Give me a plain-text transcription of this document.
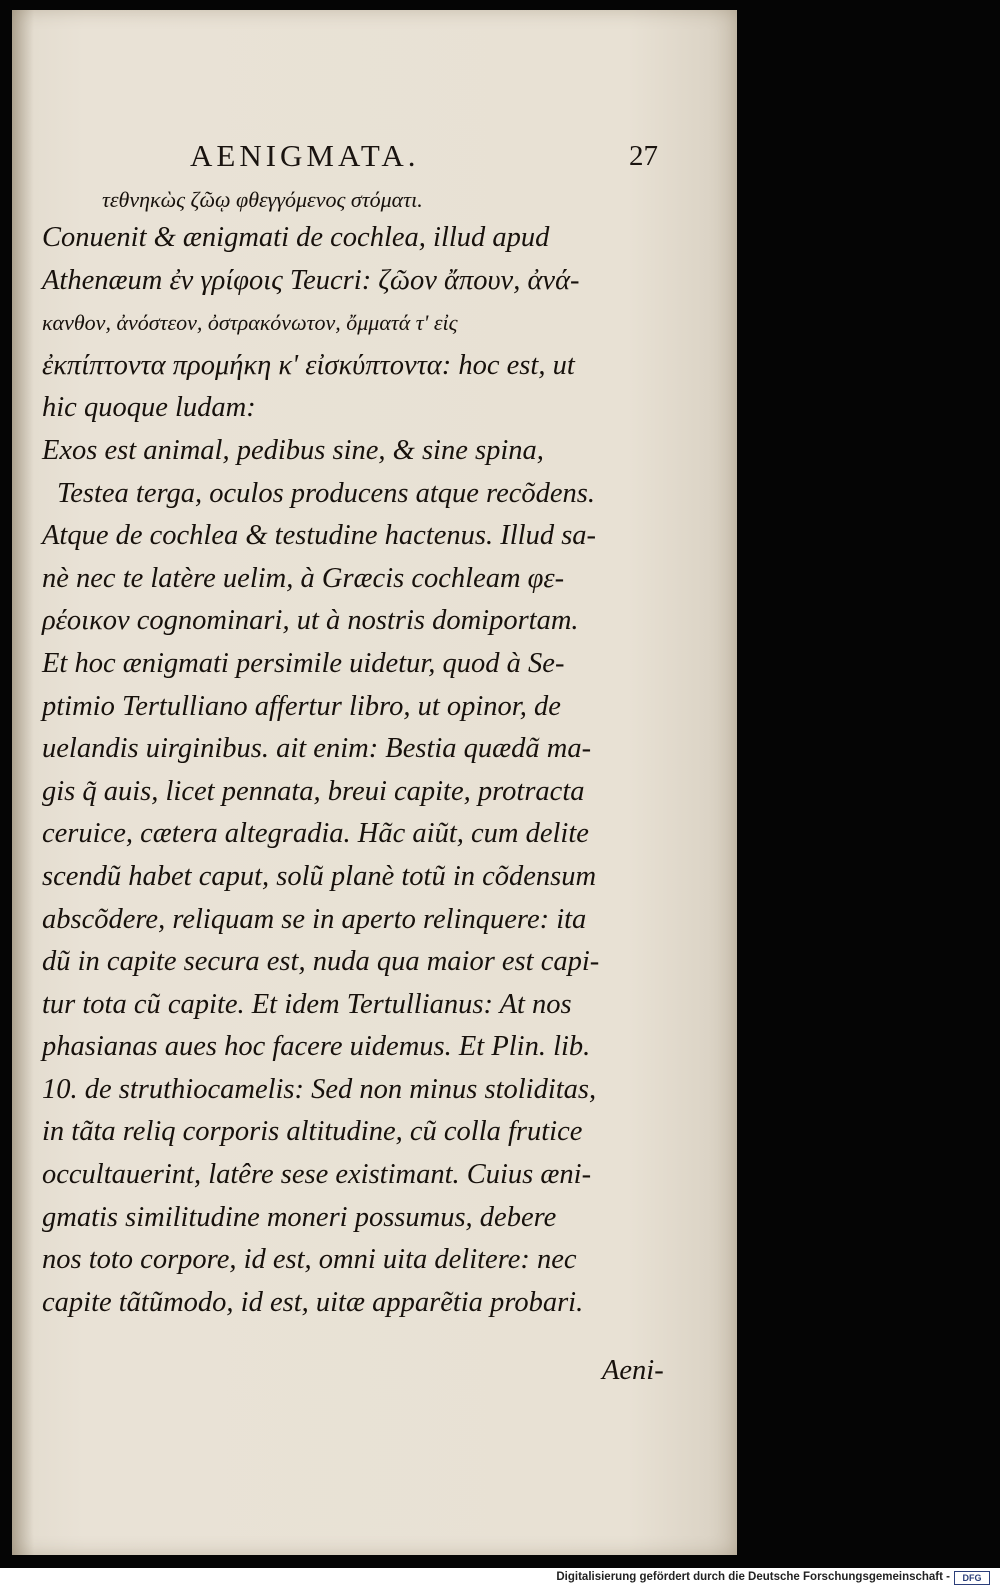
AENIGMATA.	27
τεθνηκὼς ζῶῳ φθεγγόμενος στόματι.
Conuenit & ænigmati de cochlea, illud apud
Athenæum ἐν γρίφοις Teucri: ζῶον ἄπουν, ἀνά-
κανθον, ἀνόστεον, ὀστρακόνωτον, ὄμματά τ' εἰς
ἐκπίπτοντα προμήκη κ' εἰσκύπτοντα: hoc est, ut
hic quoque ludam:
Exos est animal, pedibus sine, & sine spina,
Testea terga, oculos producens atque recõdens.
Atque de cochlea & testudine hactenus. Illud sa-
nè nec te latère uelim, à Græcis cochleam φε-
ρέοικον cognominari, ut à nostris domiportam.
Et hoc ænigmati persimile uidetur, quod à Se-
ptimio Tertulliano affertur libro, ut opinor, de
uelandis uirginibus. ait enim: Bestia quædã ma-
gis q̃ auis, licet pennata, breui capite, protracta
ceruice, cætera altegradia. Hãc aiũt, cum delite
scendũ habet caput, solũ planè totũ in cõdensum
abscõdere, reliquam se in aperto relinquere: ita
dũ in capite secura est, nuda qua maior est capi-
tur tota cũ capite. Et idem Tertullianus: At nos
phasianas aues hoc facere uidemus. Et Plin. lib.
10. de struthiocamelis: Sed non minus stoliditas,
in tãta reliq corporis altitudine, cũ colla frutice
occultauerint, latêre sese existimant. Cuius æni-
gmatis similitudine moneri possumus, debere
nos toto corpore, id est, omni uita delitere: nec
capite tãtũmodo, id est, uitæ apparẽtia probari.
Aeni-
Digitalisierung gefördert durch die Deutsche Forschungsgemeinschaft -	DFG
